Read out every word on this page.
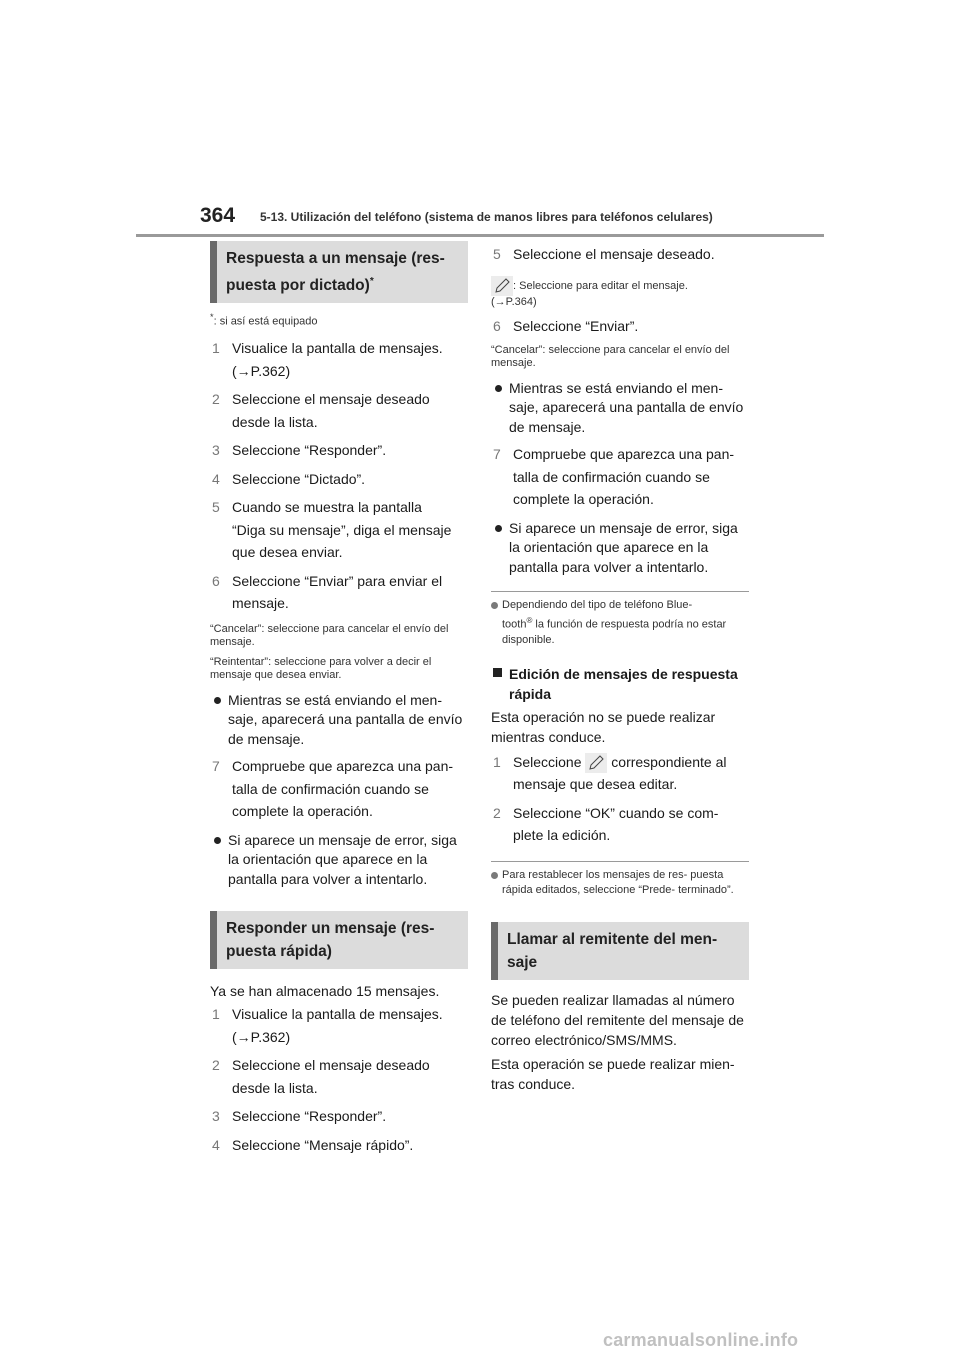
364 5-13. Utilización del teléfono (sistema de manos libres para teléfonos celulares)
Respuesta a un mensaje (res-
puesta por dictado)*
*: si así está equipado
1 Visualice la pantalla de mensajes.
(→P.362)
2 Seleccione el mensaje deseado
desde la lista.
3 Seleccione “Responder”.
4 Seleccione “Dictado”.
5 Cuando se muestra la pantalla
“Diga su mensaje”, diga el mensaje
que desea enviar.
6 Seleccione “Enviar” para enviar el
mensaje.
“Cancelar”: seleccione para cancelar el envío del mensaje.
“Reintentar”: seleccione para volver a decir el mensaje que desea enviar.
Mientras se está enviando el men- saje, aparecerá una pantalla de envío de mensaje.
7 Compruebe que aparezca una pan-
talla de confirmación cuando se
complete la operación.
Si aparece un mensaje de error, siga la orientación que aparece en la pantalla para volver a intentarlo.
Responder un mensaje (res-
puesta rápida)
Ya se han almacenado 15 mensajes.
1 Visualice la pantalla de mensajes.
(→P.362)
2 Seleccione el mensaje deseado
desde la lista.
3 Seleccione “Responder”.
4 Seleccione “Mensaje rápido”.
5 Seleccione el mensaje deseado.
: Seleccione para editar el mensaje.
(→P.364)
6 Seleccione “Enviar”.
“Cancelar”: seleccione para cancelar el envío del mensaje.
Mientras se está enviando el men- saje, aparecerá una pantalla de envío de mensaje.
7 Compruebe que aparezca una pan-
talla de confirmación cuando se
complete la operación.
Si aparece un mensaje de error, siga la orientación que aparece en la pantalla para volver a intentarlo.
Dependiendo del tipo de teléfono Blue-
tooth® la función de respuesta podría no estar disponible.
Edición de mensajes de respuesta rápida
Esta operación no se puede realizar mientras conduce.
1 Seleccione correspondiente al
mensaje que desea editar.
2 Seleccione “OK” cuando se com-
plete la edición.
Para restablecer los mensajes de res- puesta rápida editados, seleccione “Prede- terminado”.
Llamar al remitente del men-
saje
Se pueden realizar llamadas al número de teléfono del remitente del mensaje de correo electrónico/SMS/MMS.
Esta operación se puede realizar mien- tras conduce.
carmanualsonline.info
